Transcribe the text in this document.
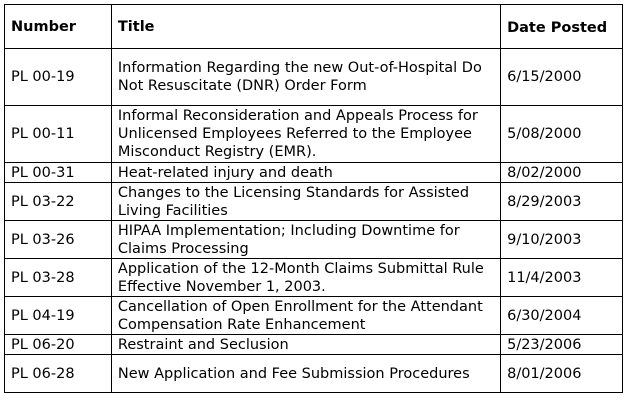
Number	Title	Date Posted
PL 00-19	Information Regarding the new Out-of-Hospital Do Not Resuscitate (DNR) Order Form	6/15/2000
PL 00-11	Informal Reconsideration and Appeals Process for Unlicensed Employees Referred to the Employee Misconduct Registry (EMR).	5/08/2000
PL 00-31	Heat-related injury and death	8/02/2000
PL 03-22	Changes to the Licensing Standards for Assisted Living Facilities	8/29/2003
PL 03-26	HIPAA Implementation; Including Downtime for Claims Processing	9/10/2003
PL 03-28	Application of the 12-Month Claims Submittal Rule Effective November 1, 2003.	11/4/2003
PL 04-19	Cancellation of Open Enrollment for the Attendant Compensation Rate Enhancement	6/30/2004
PL 06-20	Restraint and Seclusion	5/23/2006
PL 06-28	New Application and Fee Submission Procedures	8/01/2006
